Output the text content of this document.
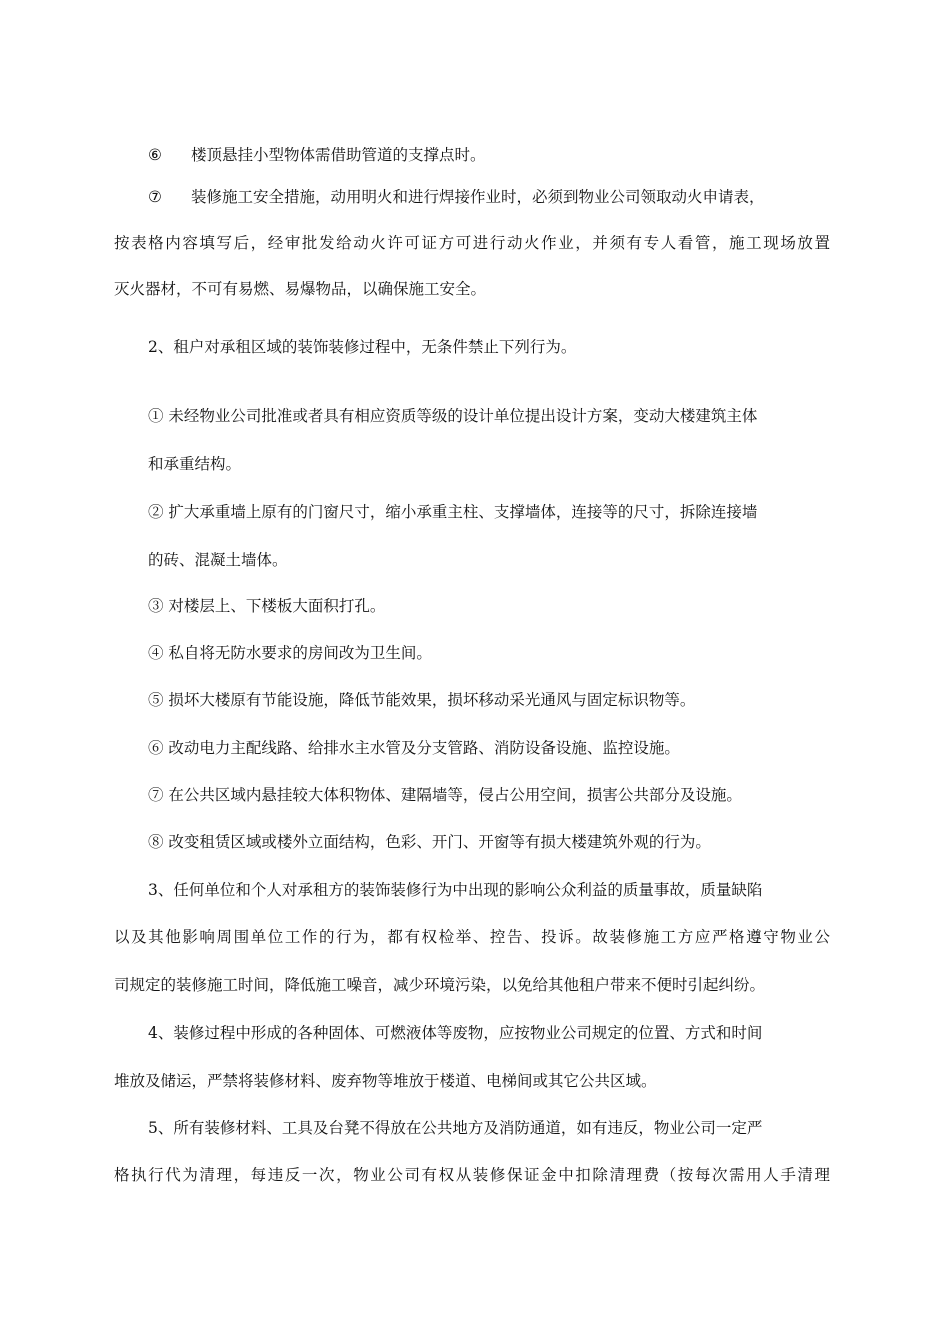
⑥ 楼顶悬挂小型物体需借助管道的支撑点时。
⑦ 装修施工安全措施，动用明火和进行焊接作业时，必须到物业公司领取动火申请表，
按表格内容填写后，经审批发给动火许可证方可进行动火作业，并须有专人看管，施工现场放置
灭火器材，不可有易燃、易爆物品，以确保施工安全。
2、租户对承租区域的装饰装修过程中，无条件禁止下列行为。
① 未经物业公司批准或者具有相应资质等级的设计单位提出设计方案，变动大楼建筑主体
和承重结构。
② 扩大承重墙上原有的门窗尺寸，缩小承重主柱、支撑墙体，连接等的尺寸，拆除连接墙
的砖、混凝土墙体。
③ 对楼层上、下楼板大面积打孔。
④ 私自将无防水要求的房间改为卫生间。
⑤ 损坏大楼原有节能设施，降低节能效果，损坏移动采光通风与固定标识物等。
⑥ 改动电力主配线路、给排水主水管及分支管路、消防设备设施、监控设施。
⑦ 在公共区域内悬挂较大体积物体、建隔墙等，侵占公用空间，损害公共部分及设施。
⑧ 改变租赁区域或楼外立面结构，色彩、开门、开窗等有损大楼建筑外观的行为。
3、任何单位和个人对承租方的装饰装修行为中出现的影响公众利益的质量事故，质量缺陷
以及其他影响周围单位工作的行为，都有权检举、控告、投诉。故装修施工方应严格遵守物业公
司规定的装修施工时间，降低施工噪音，减少环境污染，以免给其他租户带来不便时引起纠纷。
4、装修过程中形成的各种固体、可燃液体等废物，应按物业公司规定的位置、方式和时间
堆放及储运，严禁将装修材料、废弃物等堆放于楼道、电梯间或其它公共区域。
5、所有装修材料、工具及台凳不得放在公共地方及消防通道，如有违反，物业公司一定严
格执行代为清理，每违反一次，物业公司有权从装修保证金中扣除清理费（按每次需用人手清理
